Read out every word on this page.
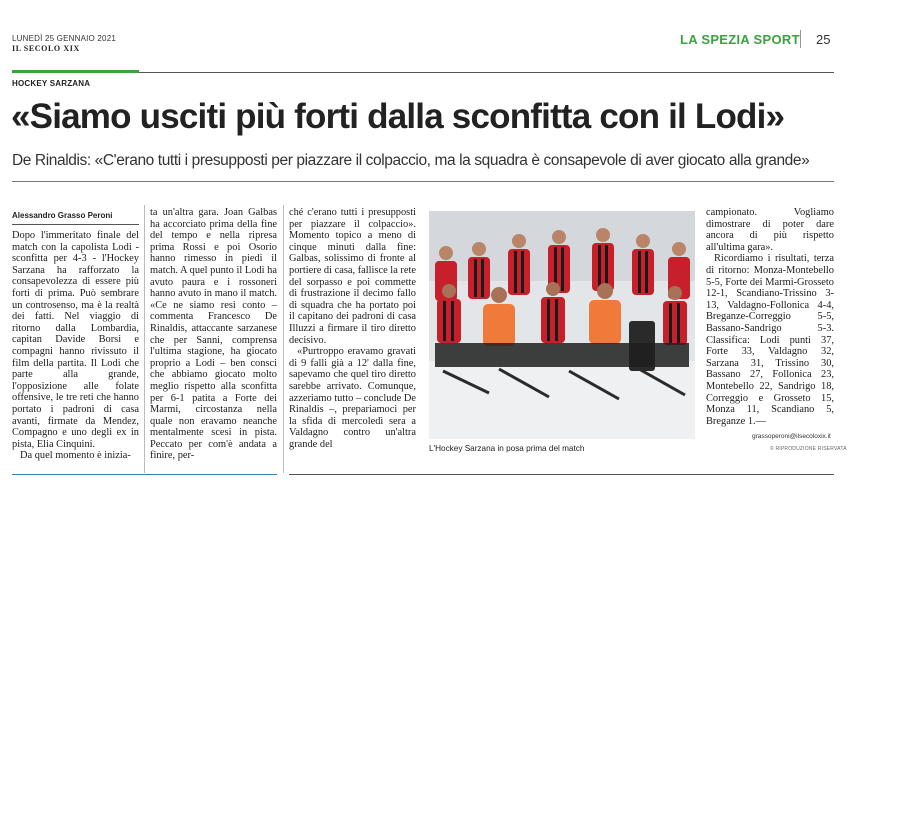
LUNEDÌ 25 GENNAIO 2021
IL SECOLO XIX
LA SPEZIA SPORT 25
HOCKEY SARZANA
«Siamo usciti più forti dalla sconfitta con il Lodi»
De Rinaldis: «C'erano tutti i presupposti per piazzare il colpaccio, ma la squadra è consapevole di aver giocato alla grande»
Alessandro Grasso Peroni

Dopo l'immeritato finale del match con la capolista Lodi - sconfitta per 4-3 - l'Hockey Sarzana ha rafforzato la consapevolezza di essere più forti di prima. Può sembrare un controsenso, ma è la realtà dei fatti. Nel viaggio di ritorno dalla Lombardia, capitan Davide Borsi e compagni hanno rivissuto il film della partita. Il Lodi che parte alla grande, l'opposizione alle folate offensive, le tre reti che hanno portato i padroni di casa avanti, firmate da Mendez, Compagno e uno degli ex in pista, Elia Cinquini.

Da quel momento è inizia-

ta un'altra gara. Joan Galbas ha accorciato prima della fine del tempo e nella ripresa prima Rossi e poi Osorio hanno rimesso in piedi il match. A quel punto il Lodi ha avuto paura e i rossoneri hanno avuto in mano il match. «Ce ne siamo resi conto – commenta Francesco De Rinaldis, attaccante sarzanese che per Sanni, comprensa l'ultima stagione, ha giocato proprio a Lodi – ben consci che abbiamo giocato molto meglio rispetto alla sconfitta per 6-1 patita a Forte dei Marmi, circostanza nella quale non eravamo neanche mentalmente scesi in pista. Peccato per com'è andata a finire, per-

ché c'erano tutti i presupposti per piazzare il colpaccio». Momento topico a meno di cinque minuti dalla fine: Galbas, solissimo di fronte al portiere di casa, fallisce la rete del sorpasso e poi commette di frustrazione il decimo fallo di squadra che ha portato poi il capitano dei padroni di casa Illuzzi a firmare il tiro diretto decisivo.

«Purtroppo eravamo gravati di 9 falli già a 12' dalla fine, sapevamo che quel tiro diretto sarebbe arrivato. Comunque, azzeriamo tutto – conclude De Rinaldis –, prepariamoci per la sfida di mercoledì sera a Valdagno contro un'altra grande del	L'Hockey Sarzana in posa prima del match

campionato. Vogliamo dimostrare di poter dare ancora di più rispetto all'ultima gara».

Ricordiamo i risultati, terza di ritorno: Monza-Montebello 5-5, Forte dei Marmi-Grosseto 12-1, Scandiano-Trissino 3-13, Valdagno-Follonica 4-4, Breganze-Correggio 5-5, Bassano-Sandrigo 5-3. Classifica: Lodi punti 37, Forte 33, Valdagno 32, Sarzana 31, Trissino 30, Bassano 27, Follonica 23, Montebello 22, Sandrigo 18, Correggio e Grosseto 15, Monza 11, Scandiano 5, Breganze 1.—

grassoperoni@ilsecoloxix.it
© RIPRODUZIONE RISERVATA
